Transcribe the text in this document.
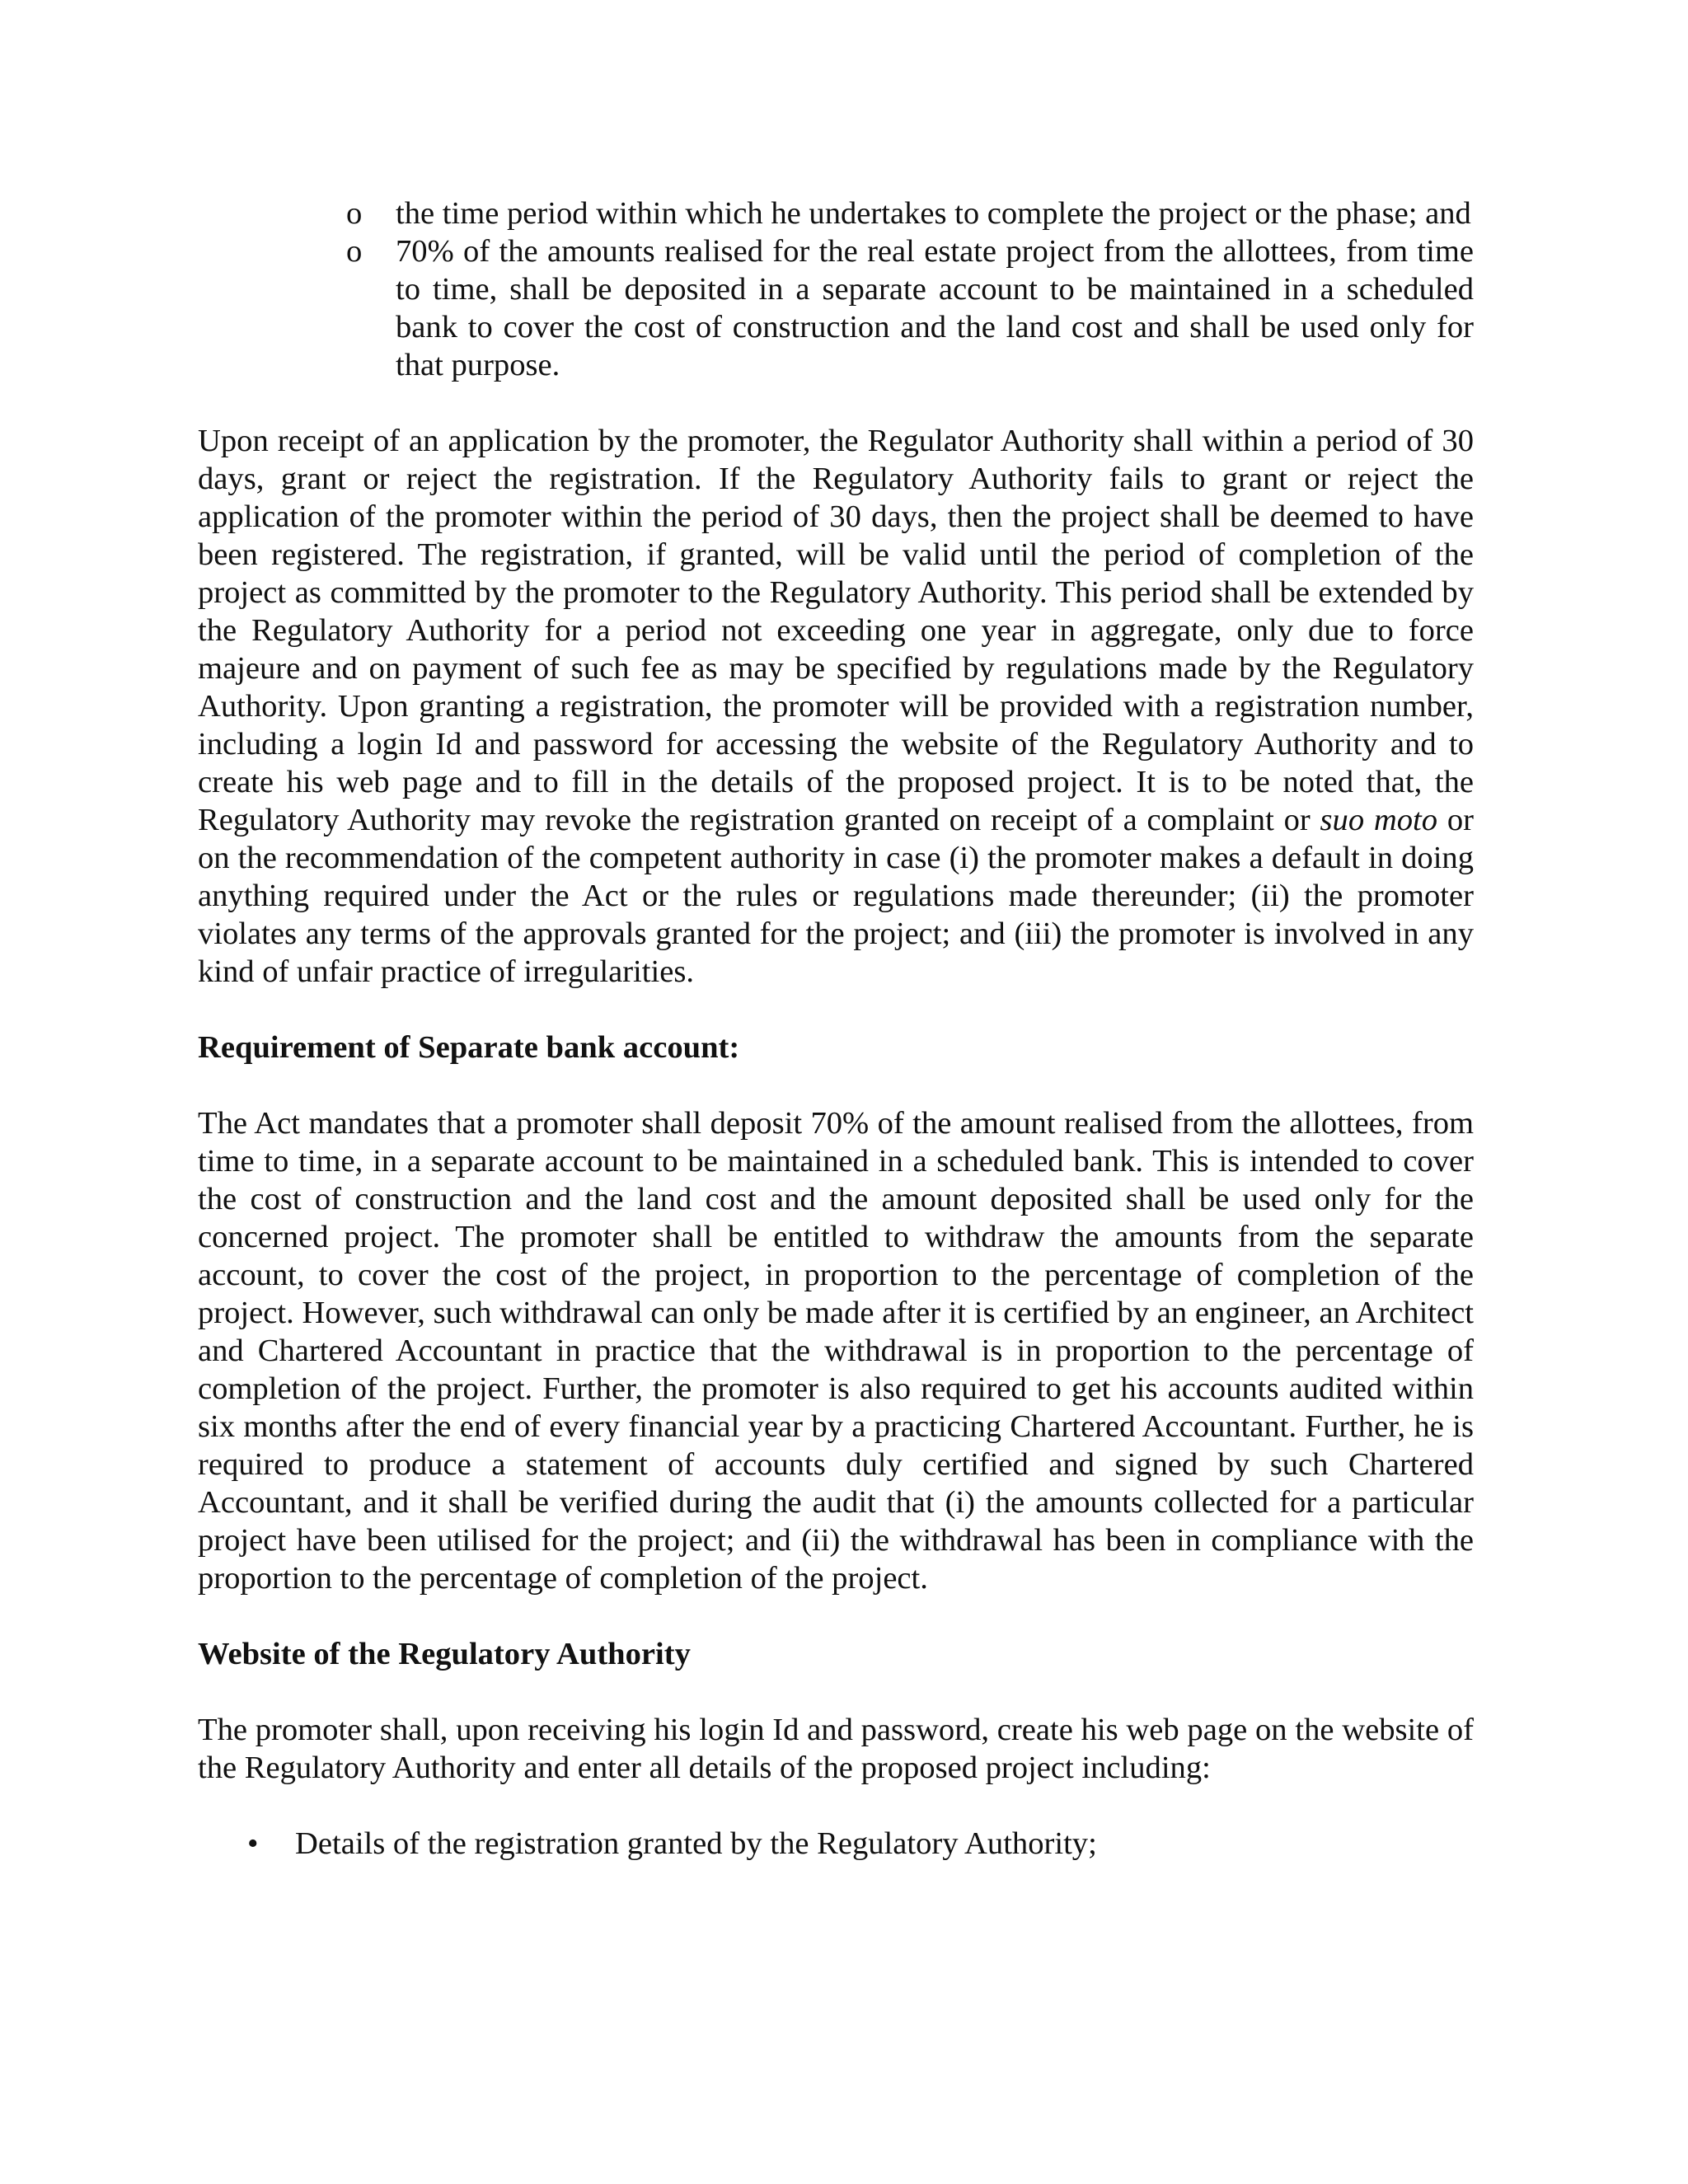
o the time period within which he undertakes to complete the project or the phase; and
o 70% of the amounts realised for the real estate project from the allottees, from time to time, shall be deposited in a separate account to be maintained in a scheduled bank to cover the cost of construction and the land cost and shall be used only for that purpose.

Upon receipt of an application by the promoter, the Regulator Authority shall within a period of 30 days, grant or reject the registration. If the Regulatory Authority fails to grant or reject the application of the promoter within the period of 30 days, then the project shall be deemed to have been registered. The registration, if granted, will be valid until the period of completion of the project as committed by the promoter to the Regulatory Authority. This period shall be extended by the Regulatory Authority for a period not exceeding one year in aggregate, only due to force majeure and on payment of such fee as may be specified by regulations made by the Regulatory Authority. Upon granting a registration, the promoter will be provided with a registration number, including a login Id and password for accessing the website of the Regulatory Authority and to create his web page and to fill in the details of the proposed project. It is to be noted that, the Regulatory Authority may revoke the registration granted on receipt of a complaint or suo moto or on the recommendation of the competent authority in case (i) the promoter makes a default in doing anything required under the Act or the rules or regulations made thereunder; (ii) the promoter violates any terms of the approvals granted for the project; and (iii) the promoter is involved in any kind of unfair practice of irregularities.

Requirement of Separate bank account:

The Act mandates that a promoter shall deposit 70% of the amount realised from the allottees, from time to time, in a separate account to be maintained in a scheduled bank. This is intended to cover the cost of construction and the land cost and the amount deposited shall be used only for the concerned project. The promoter shall be entitled to withdraw the amounts from the separate account, to cover the cost of the project, in proportion to the percentage of completion of the project. However, such withdrawal can only be made after it is certified by an engineer, an Architect and Chartered Accountant in practice that the withdrawal is in proportion to the percentage of completion of the project. Further, the promoter is also required to get his accounts audited within six months after the end of every financial year by a practicing Chartered Accountant. Further, he is required to produce a statement of accounts duly certified and signed by such Chartered Accountant, and it shall be verified during the audit that (i) the amounts collected for a particular project have been utilised for the project; and (ii) the withdrawal has been in compliance with the proportion to the percentage of completion of the project.

Website of the Regulatory Authority

The promoter shall, upon receiving his login Id and password, create his web page on the website of the Regulatory Authority and enter all details of the proposed project including:

• Details of the registration granted by the Regulatory Authority;
